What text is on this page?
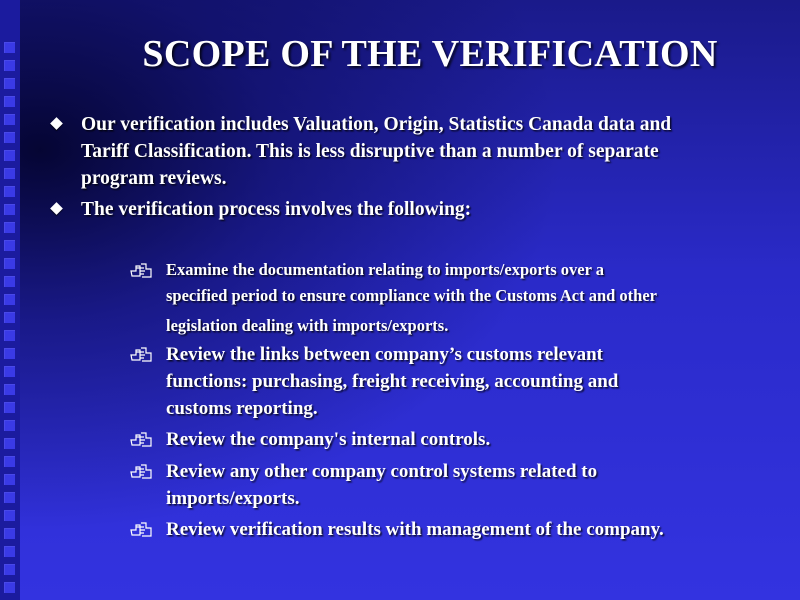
SCOPE OF THE VERIFICATION
Our verification includes Valuation, Origin, Statistics Canada data and
Tariff Classification. This is less disruptive than a number of separate
program reviews.
The verification process involves the following:
Examine the documentation relating to imports/exports over a
specified period to ensure compliance with the Customs Act and other
legislation dealing with imports/exports.
Review the links between company’s customs relevant
functions: purchasing, freight receiving, accounting and
customs reporting.
Review the company's internal controls.
Review any other company control systems related to
imports/exports.
Review verification results with management of the company.
